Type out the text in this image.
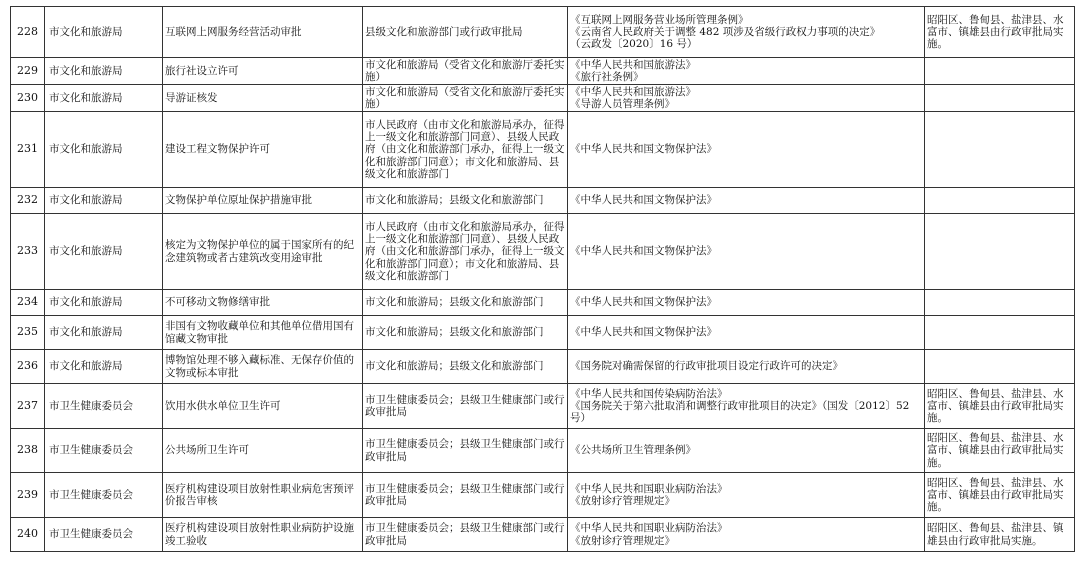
228	市文化和旅游局	互联网上网服务经营活动审批	县级文化和旅游部门或行政审批局	《互联网上网服务营业场所管理条例》
《云南省人民政府关于调整 482 项涉及省级行政权力事项的决定》
（云政发〔2020〕16 号）	昭阳区、鲁甸县、盐津县、水富市、镇雄县由行政审批局实施。
229	市文化和旅游局	旅行社设立许可	市文化和旅游局（受省文化和旅游厅委托实施）	《中华人民共和国旅游法》
《旅行社条例》	

230	市文化和旅游局	导游证核发	市文化和旅游局（受省文化和旅游厅委托实施）	《中华人民共和国旅游法》
《导游人员管理条例》	

231	市文化和旅游局	建设工程文物保护许可	市人民政府（由市文化和旅游局承办，征得上一级文化和旅游部门同意）、县级人民政府（由文化和旅游部门承办，征得上一级文化和旅游部门同意）；市文化和旅游局、县级文化和旅游部门	《中华人民共和国文物保护法》	

232	市文化和旅游局	文物保护单位原址保护措施审批	市文化和旅游局；县级文化和旅游部门	《中华人民共和国文物保护法》	

233	市文化和旅游局	核定为文物保护单位的属于国家所有的纪念建筑物或者古建筑改变用途审批	市人民政府（由市文化和旅游局承办，征得上一级文化和旅游部门同意）、县级人民政府（由文化和旅游部门承办，征得上一级文化和旅游部门同意）；市文化和旅游局、县级文化和旅游部门	《中华人民共和国文物保护法》	

234	市文化和旅游局	不可移动文物修缮审批	市文化和旅游局；县级文化和旅游部门	《中华人民共和国文物保护法》	

235	市文化和旅游局	非国有文物收藏单位和其他单位借用国有馆藏文物审批	市文化和旅游局；县级文化和旅游部门	《中华人民共和国文物保护法》	

236	市文化和旅游局	博物馆处理不够入藏标准、无保存价值的文物或标本审批	市文化和旅游局；县级文化和旅游部门	《国务院对确需保留的行政审批项目设定行政许可的决定》	

237	市卫生健康委员会	饮用水供水单位卫生许可	市卫生健康委员会；县级卫生健康部门或行政审批局	《中华人民共和国传染病防治法》
《国务院关于第六批取消和调整行政审批项目的决定》（国发〔2012〕52 号）	昭阳区、鲁甸县、盐津县、水富市、镇雄县由行政审批局实施。
238	市卫生健康委员会	公共场所卫生许可	市卫生健康委员会；县级卫生健康部门或行政审批局	《公共场所卫生管理条例》	昭阳区、鲁甸县、盐津县、水富市、镇雄县由行政审批局实施。
239	市卫生健康委员会	医疗机构建设项目放射性职业病危害预评价报告审核	市卫生健康委员会；县级卫生健康部门或行政审批局	《中华人民共和国职业病防治法》
《放射诊疗管理规定》	昭阳区、鲁甸县、盐津县、水富市、镇雄县由行政审批局实施。
240	市卫生健康委员会	医疗机构建设项目放射性职业病防护设施竣工验收	市卫生健康委员会；县级卫生健康部门或行政审批局	《中华人民共和国职业病防治法》
《放射诊疗管理规定》	昭阳区、鲁甸县、盐津县、镇雄县由行政审批局实施。
